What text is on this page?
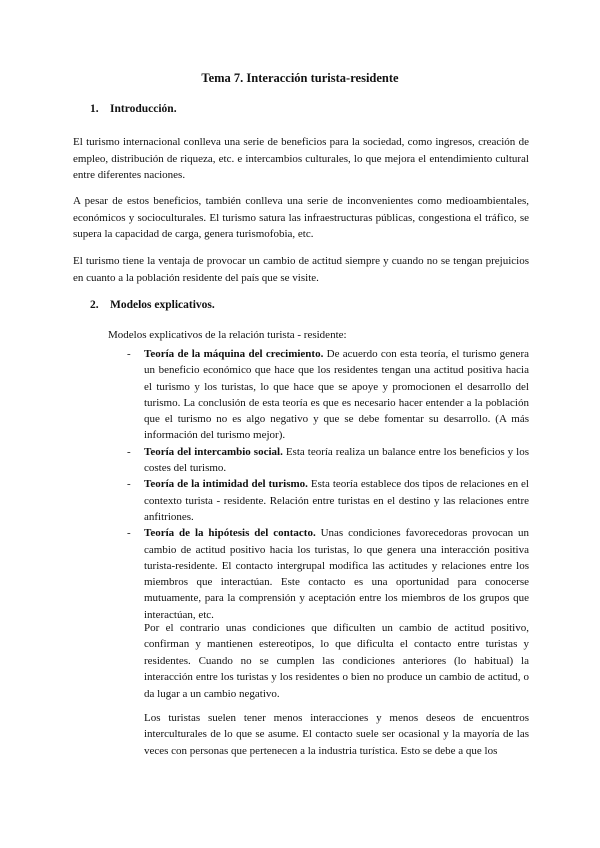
Tema 7. Interacción turista-residente
1. Introducción.

El turismo internacional conlleva una serie de beneficios para la sociedad, como ingresos, creación de empleo, distribución de riqueza, etc. e intercambios culturales, lo que mejora el entendimiento cultural entre diferentes naciones.

A pesar de estos beneficios, también conlleva una serie de inconvenientes como medioambientales, económicos y socioculturales. El turismo satura las infraestructuras públicas, congestiona el tráfico, se supera la capacidad de carga, genera turismofobia, etc.

El turismo tiene la ventaja de provocar un cambio de actitud siempre y cuando no se tengan prejuicios en cuanto a la población residente del país que se visite.

2. Modelos explicativos.
Modelos explicativos de la relación turista - residente:
- Teoría de la máquina del crecimiento. De acuerdo con esta teoría, el turismo genera un beneficio económico que hace que los residentes tengan una actitud positiva hacia el turismo y los turistas, lo que hace que se apoye y promocionen el desarrollo del turismo. La conclusión de esta teoría es que es necesario hacer entender a la población que el turismo no es algo negativo y que se debe fomentar su desarrollo. (A más información del turismo mejor).
- Teoría del intercambio social. Esta teoría realiza un balance entre los beneficios y los costes del turismo.
- Teoría de la intimidad del turismo. Esta teoría establece dos tipos de relaciones en el contexto turista - residente. Relación entre turistas en el destino y las relaciones entre anfitriones.
- Teoría de la hipótesis del contacto. Unas condiciones favorecedoras provocan un cambio de actitud positivo hacia los turistas, lo que genera una interacción positiva turista-residente. El contacto intergrupal modifica las actitudes y relaciones entre los miembros que interactúan. Este contacto es una oportunidad para conocerse mutuamente, para la comprensión y aceptación entre los miembros de los grupos que interactúan, etc.

Por el contrario unas condiciones que dificulten un cambio de actitud positivo, confirman y mantienen estereotipos, lo que dificulta el contacto entre turistas y residentes. Cuando no se cumplen las condiciones anteriores (lo habitual) la interacción entre los turistas y los residentes o bien no produce un cambio de actitud, o da lugar a un cambio negativo.

Los turistas suelen tener menos interacciones y menos deseos de encuentros interculturales de lo que se asume. El contacto suele ser ocasional y la mayoría de las veces con personas que pertenecen a la industria turística. Esto se debe a que los
